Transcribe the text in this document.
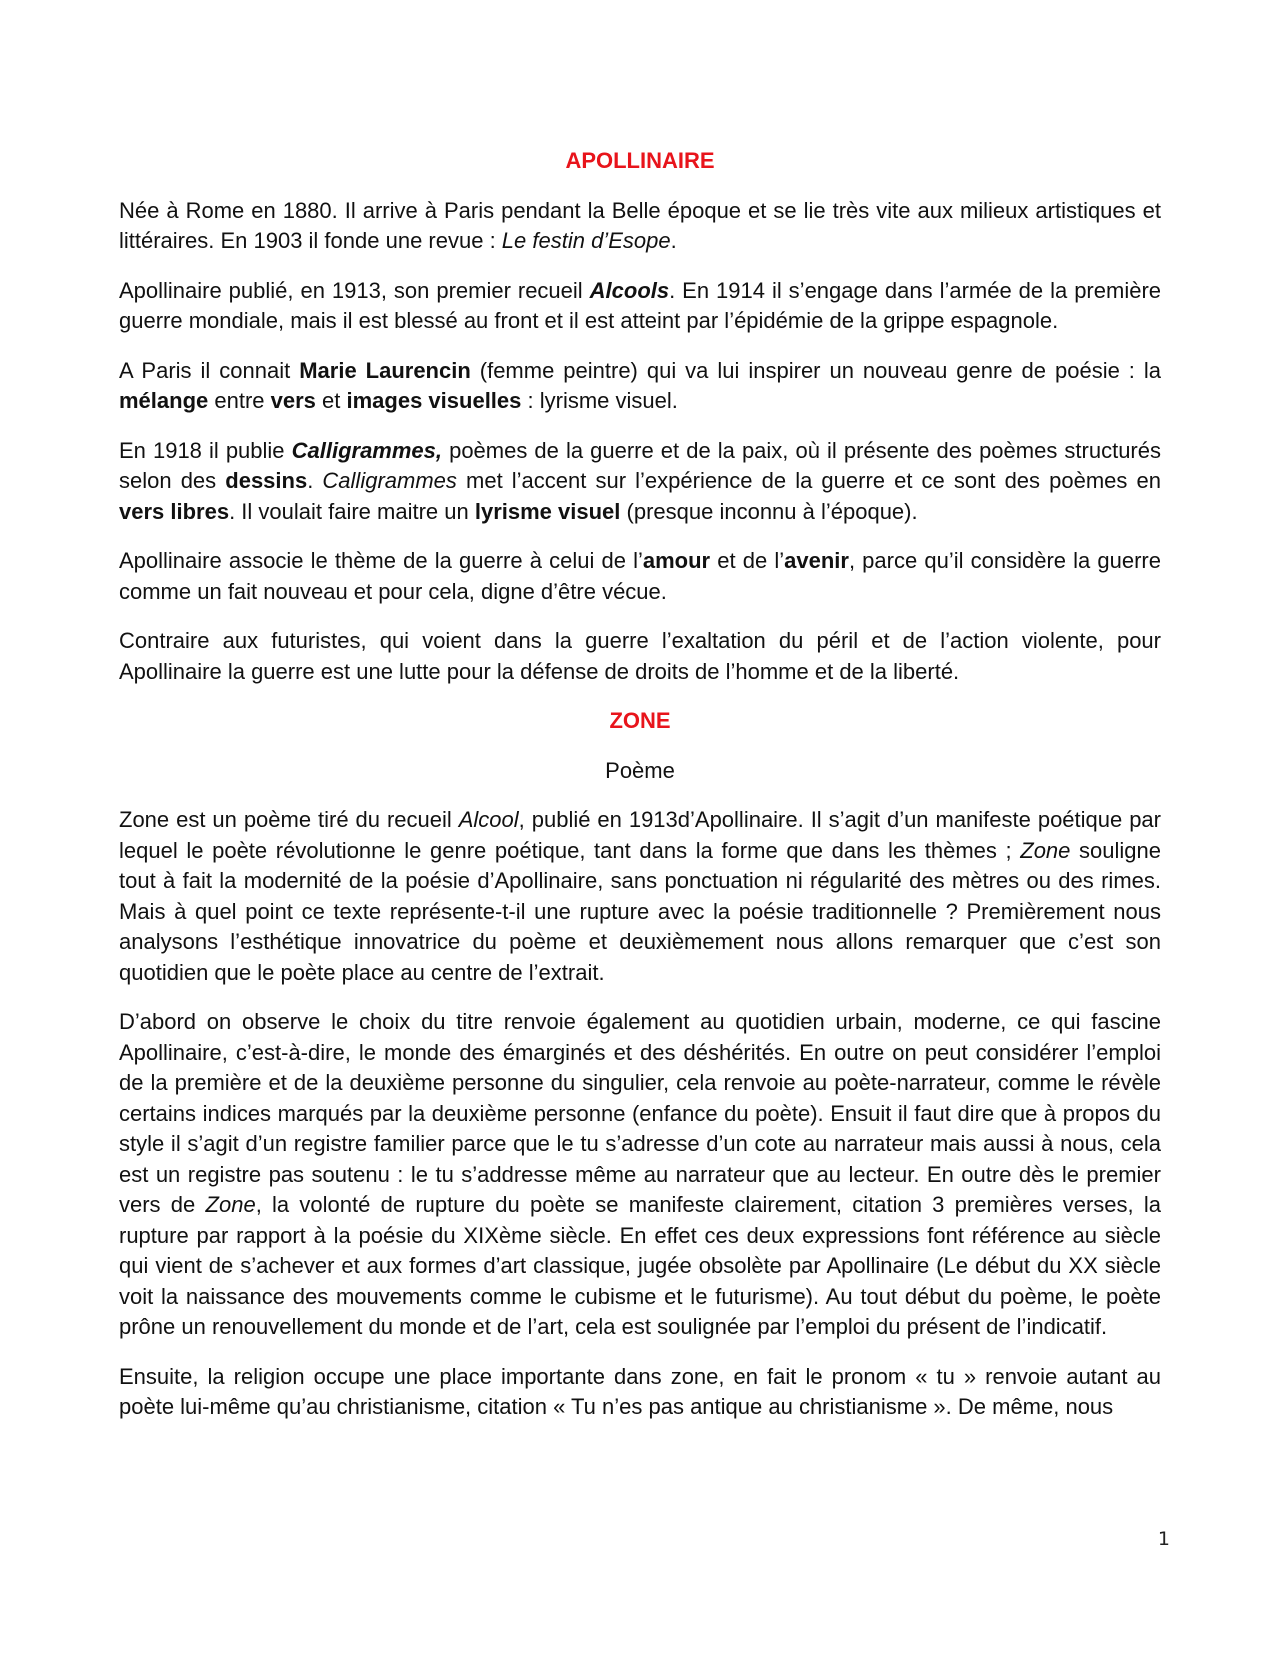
APOLLINAIRE
Née à Rome en 1880. Il arrive à Paris pendant la Belle époque et se lie très vite aux milieux artistiques et littéraires. En 1903 il fonde une revue : Le festin d’Esope.
Apollinaire publié, en 1913, son premier recueil Alcools. En 1914 il s’engage dans l’armée de la première guerre mondiale, mais il est blessé au front et il est atteint par l’épidémie de la grippe espagnole.
A Paris il connait Marie Laurencin (femme peintre) qui va lui inspirer un nouveau genre de poésie : la mélange entre vers et images visuelles : lyrisme visuel.
En 1918 il publie Calligrammes, poèmes de la guerre et de la paix, où il présente des poèmes structurés selon des dessins. Calligrammes met l’accent sur l’expérience de la guerre et ce sont des poèmes en vers libres. Il voulait faire maitre un lyrisme visuel (presque inconnu à l’époque).
Apollinaire associe le thème de la guerre à celui de l’amour et de l’avenir, parce qu’il considère la guerre comme un fait nouveau et pour cela, digne d’être vécue.
Contraire aux futuristes, qui voient dans la guerre l’exaltation du péril et de l’action violente, pour Apollinaire la guerre est une lutte pour la défense de droits de l’homme et de la liberté.
ZONE
Poème
Zone est un poème tiré du recueil Alcool, publié en 1913d’Apollinaire. Il s’agit d’un manifeste poétique par lequel le poète révolutionne le genre poétique, tant dans la forme que dans les thèmes ; Zone souligne tout à fait la modernité de la poésie d’Apollinaire, sans ponctuation ni régularité des mètres ou des rimes. Mais à quel point ce texte représente-t-il une rupture avec la poésie traditionnelle ? Premièrement nous analysons l’esthétique innovatrice du poème et deuxièmement nous allons remarquer que c’est son quotidien que le poète place au centre de l’extrait.
D’abord on observe le choix du titre renvoie également au quotidien urbain, moderne, ce qui fascine Apollinaire, c’est-à-dire, le monde des émarginés et des déshérités. En outre on peut considérer l’emploi de la première et de la deuxième personne du singulier, cela renvoie au poète-narrateur, comme le révèle certains indices marqués par la deuxième personne (enfance du poète). Ensuit il faut dire que à propos du style il s’agit d’un registre familier parce que le tu s’adresse d’un cote au narrateur mais aussi à nous, cela est un registre pas soutenu : le tu s’addresse même au narrateur que au lecteur. En outre dès le premier vers de Zone, la volonté de rupture du poète se manifeste clairement, citation 3 premières verses, la rupture par rapport à la poésie du XIXème siècle. En effet ces deux expressions font référence au siècle qui vient de s’achever et aux formes d’art classique, jugée obsolète par Apollinaire (Le début du XX siècle voit la naissance des mouvements comme le cubisme et le futurisme). Au tout début du poème, le poète prône un renouvellement du monde et de l’art, cela est soulignée par l’emploi du présent de l’indicatif.
Ensuite, la religion occupe une place importante dans zone, en fait le pronom « tu » renvoie autant au poète lui-même qu’au christianisme, citation « Tu n’es pas antique au christianisme ». De même, nous
1
